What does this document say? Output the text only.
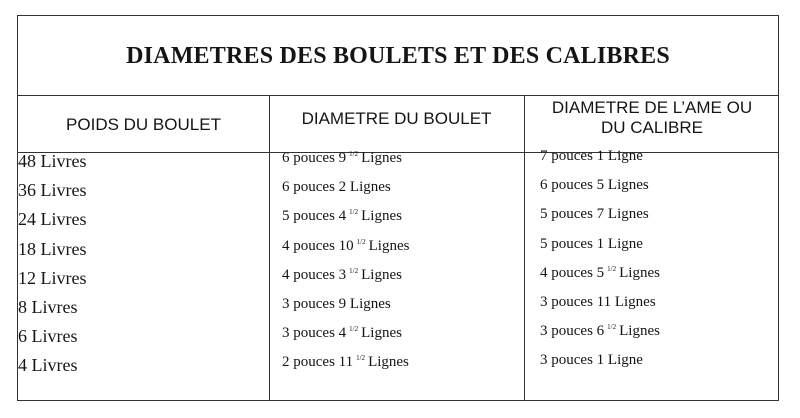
DIAMETRES DES BOULETS ET DES CALIBRES
POIDS DU BOULET	DIAMETRE DU BOULET
DIAMETRE DE L’AME OU
DU CALIBRE
48 Livres
36 Livres
24 Livres
18 Livres
12 Livres
8 Livres
6 Livres
4 Livres
6 pouces 9 $^{1/2}$ Lignes
6 pouces 2 Lignes
5 pouces 4 $^{1/2}$ Lignes
4 pouces 10 $^{1/2}$ Lignes
4 pouces 3 $^{1/2}$ Lignes
3 pouces 9 Lignes
3 pouces 4 $^{1/2}$ Lignes
2 pouces 11 $^{1/2}$ Lignes
7 pouces 1 Ligne
6 pouces 5 Lignes
5 pouces 7 Lignes
5 pouces 1 Ligne
4 pouces 5 $^{1/2}$ Lignes
3 pouces 11 Lignes
3 pouces 6 $^{1/2}$ Lignes
3 pouces 1 Ligne
